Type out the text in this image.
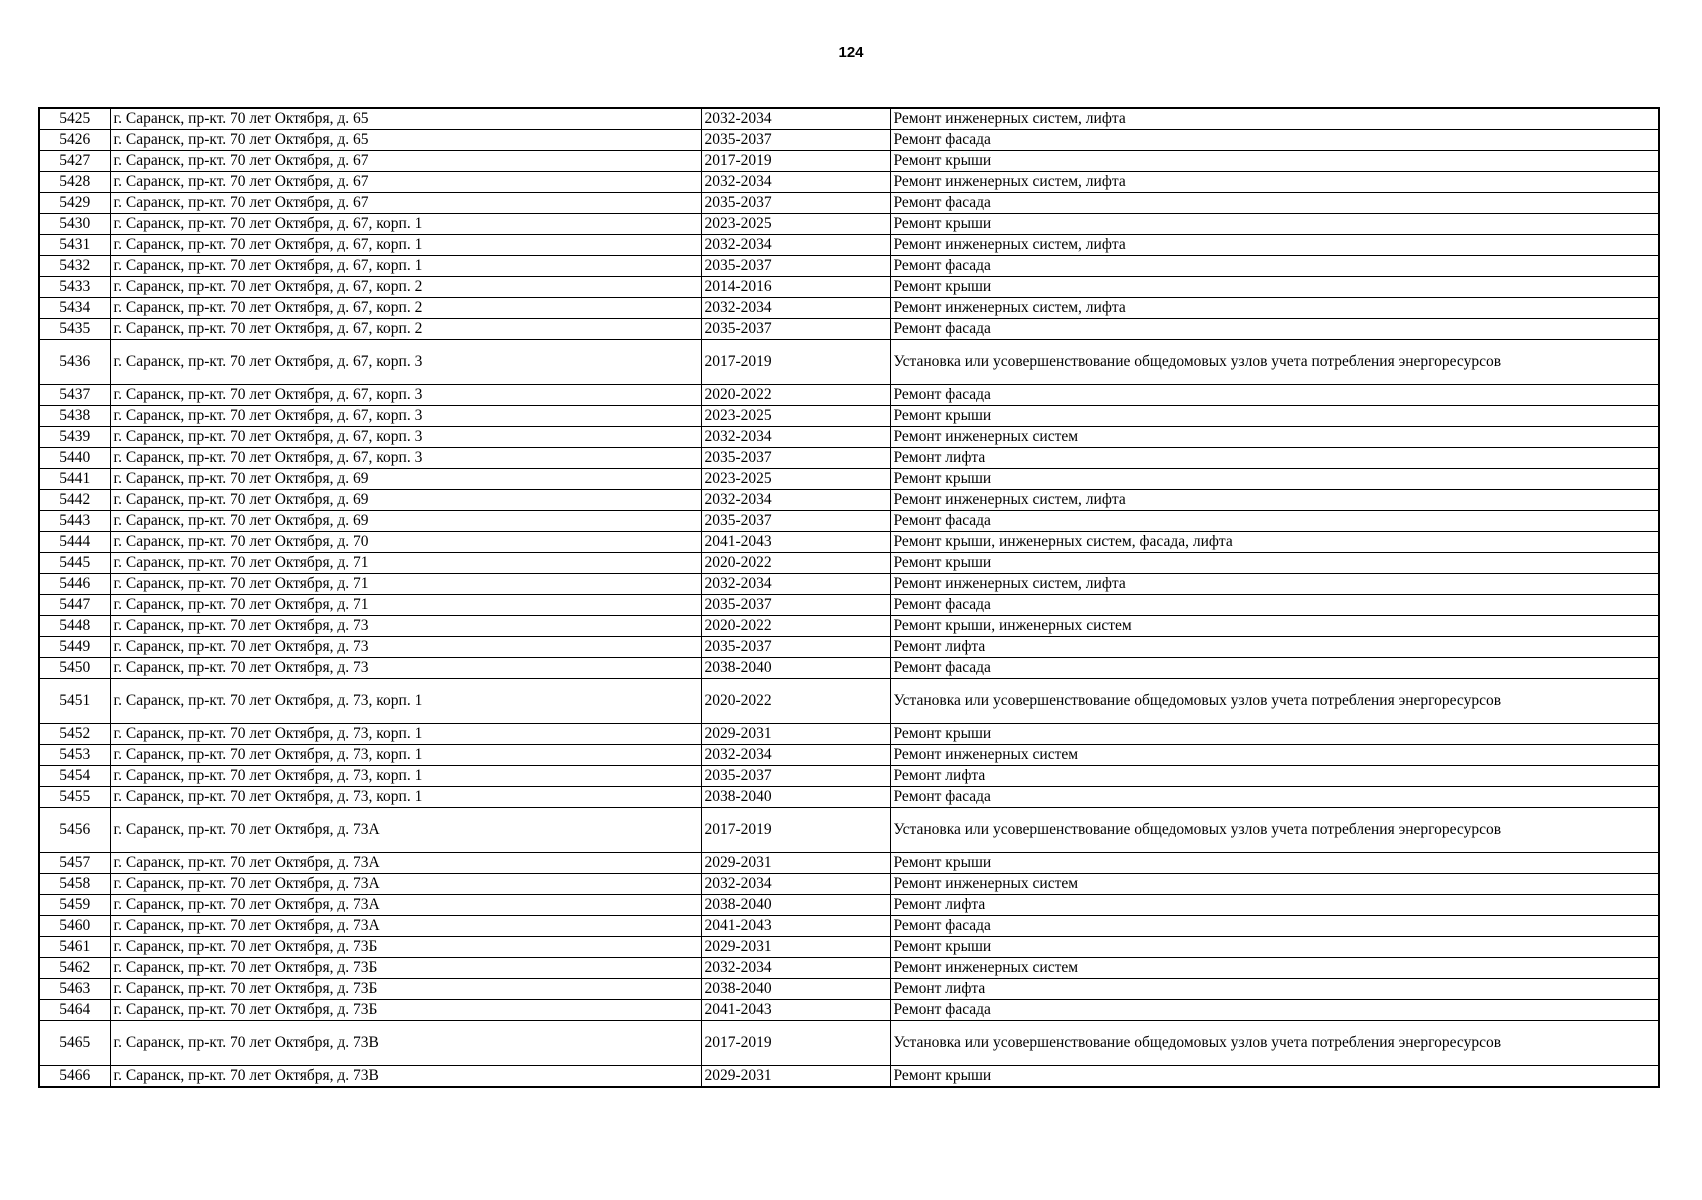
124
5425	г. Саранск, пр-кт. 70 лет Октября, д. 65	2032-2034	Ремонт инженерных систем, лифта
5426	г. Саранск, пр-кт. 70 лет Октября, д. 65	2035-2037	Ремонт фасада
5427	г. Саранск, пр-кт. 70 лет Октября, д. 67	2017-2019	Ремонт крыши
5428	г. Саранск, пр-кт. 70 лет Октября, д. 67	2032-2034	Ремонт инженерных систем, лифта
5429	г. Саранск, пр-кт. 70 лет Октября, д. 67	2035-2037	Ремонт фасада
5430	г. Саранск, пр-кт. 70 лет Октября, д. 67, корп. 1	2023-2025	Ремонт крыши
5431	г. Саранск, пр-кт. 70 лет Октября, д. 67, корп. 1	2032-2034	Ремонт инженерных систем, лифта
5432	г. Саранск, пр-кт. 70 лет Октября, д. 67, корп. 1	2035-2037	Ремонт фасада
5433	г. Саранск, пр-кт. 70 лет Октября, д. 67, корп. 2	2014-2016	Ремонт крыши
5434	г. Саранск, пр-кт. 70 лет Октября, д. 67, корп. 2	2032-2034	Ремонт инженерных систем, лифта
5435	г. Саранск, пр-кт. 70 лет Октября, д. 67, корп. 2	2035-2037	Ремонт фасада
5436	г. Саранск, пр-кт. 70 лет Октября, д. 67, корп. 3	2017-2019	Установка или усовершенствование общедомовых узлов учета потребления энергоресурсов
5437	г. Саранск, пр-кт. 70 лет Октября, д. 67, корп. 3	2020-2022	Ремонт фасада
5438	г. Саранск, пр-кт. 70 лет Октября, д. 67, корп. 3	2023-2025	Ремонт крыши
5439	г. Саранск, пр-кт. 70 лет Октября, д. 67, корп. 3	2032-2034	Ремонт инженерных систем
5440	г. Саранск, пр-кт. 70 лет Октября, д. 67, корп. 3	2035-2037	Ремонт лифта
5441	г. Саранск, пр-кт. 70 лет Октября, д. 69	2023-2025	Ремонт крыши
5442	г. Саранск, пр-кт. 70 лет Октября, д. 69	2032-2034	Ремонт инженерных систем, лифта
5443	г. Саранск, пр-кт. 70 лет Октября, д. 69	2035-2037	Ремонт фасада
5444	г. Саранск, пр-кт. 70 лет Октября, д. 70	2041-2043	Ремонт крыши, инженерных систем, фасада, лифта
5445	г. Саранск, пр-кт. 70 лет Октября, д. 71	2020-2022	Ремонт крыши
5446	г. Саранск, пр-кт. 70 лет Октября, д. 71	2032-2034	Ремонт инженерных систем, лифта
5447	г. Саранск, пр-кт. 70 лет Октября, д. 71	2035-2037	Ремонт фасада
5448	г. Саранск, пр-кт. 70 лет Октября, д. 73	2020-2022	Ремонт крыши, инженерных систем
5449	г. Саранск, пр-кт. 70 лет Октября, д. 73	2035-2037	Ремонт лифта
5450	г. Саранск, пр-кт. 70 лет Октября, д. 73	2038-2040	Ремонт фасада
5451	г. Саранск, пр-кт. 70 лет Октября, д. 73, корп. 1	2020-2022	Установка или усовершенствование общедомовых узлов учета потребления энергоресурсов
5452	г. Саранск, пр-кт. 70 лет Октября, д. 73, корп. 1	2029-2031	Ремонт крыши
5453	г. Саранск, пр-кт. 70 лет Октября, д. 73, корп. 1	2032-2034	Ремонт инженерных систем
5454	г. Саранск, пр-кт. 70 лет Октября, д. 73, корп. 1	2035-2037	Ремонт лифта
5455	г. Саранск, пр-кт. 70 лет Октября, д. 73, корп. 1	2038-2040	Ремонт фасада
5456	г. Саранск, пр-кт. 70 лет Октября, д. 73А	2017-2019	Установка или усовершенствование общедомовых узлов учета потребления энергоресурсов
5457	г. Саранск, пр-кт. 70 лет Октября, д. 73А	2029-2031	Ремонт крыши
5458	г. Саранск, пр-кт. 70 лет Октября, д. 73А	2032-2034	Ремонт инженерных систем
5459	г. Саранск, пр-кт. 70 лет Октября, д. 73А	2038-2040	Ремонт лифта
5460	г. Саранск, пр-кт. 70 лет Октября, д. 73А	2041-2043	Ремонт фасада
5461	г. Саранск, пр-кт. 70 лет Октября, д. 73Б	2029-2031	Ремонт крыши
5462	г. Саранск, пр-кт. 70 лет Октября, д. 73Б	2032-2034	Ремонт инженерных систем
5463	г. Саранск, пр-кт. 70 лет Октября, д. 73Б	2038-2040	Ремонт лифта
5464	г. Саранск, пр-кт. 70 лет Октября, д. 73Б	2041-2043	Ремонт фасада
5465	г. Саранск, пр-кт. 70 лет Октября, д. 73В	2017-2019	Установка или усовершенствование общедомовых узлов учета потребления энергоресурсов
5466	г. Саранск, пр-кт. 70 лет Октября, д. 73В	2029-2031	Ремонт крыши
